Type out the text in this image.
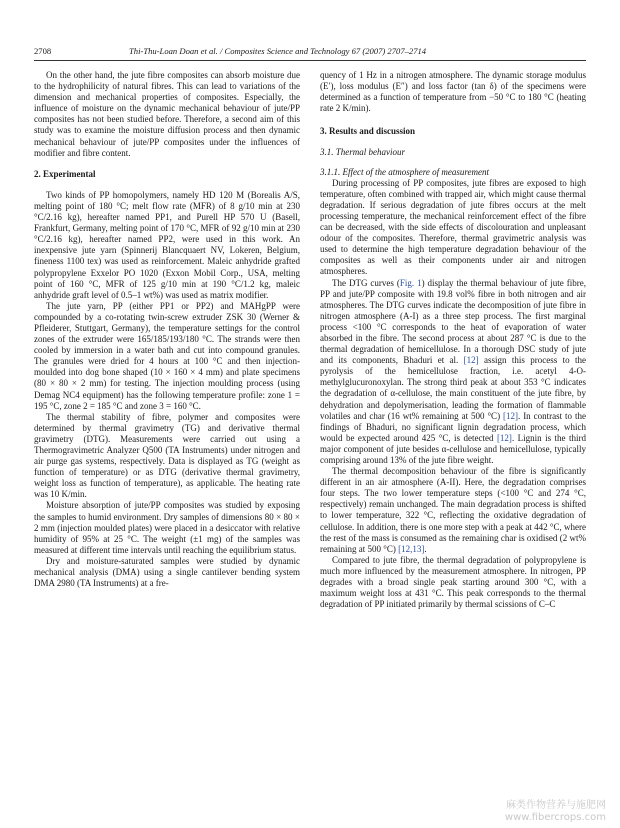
2708	Thi-Thu-Loan Doan et al. / Composites Science and Technology 67 (2007) 2707–2714

On the other hand, the jute fibre composites can absorb moisture due to the hydrophilicity of natural fibres. This can lead to variations of the dimension and mechanical properties of composites. Especially, the influence of moisture on the dynamic mechanical behaviour of jute/PP composites has not been studied before. Therefore, a second aim of this study was to examine the moisture diffusion process and then dynamic mechanical behaviour of jute/PP composites under the influences of modifier and fibre content.

2. Experimental

Two kinds of PP homopolymers, namely HD 120 M (Borealis A/S, melting point of 180 °C; melt flow rate (MFR) of 8 g/10 min at 230 °C/2.16 kg), hereafter named PP1, and Purell HP 570 U (Basell, Frankfurt, Germany, melting point of 170 °C, MFR of 92 g/10 min at 230 °C/2.16 kg), hereafter named PP2, were used in this work. An inexpensive jute yarn (Spinnerij Blancquaert NV, Lokeren, Belgium, fineness 1100 tex) was used as reinforcement. Maleic anhydride grafted polypropylene Exxelor PO 1020 (Exxon Mobil Corp., USA, melting point of 160 °C, MFR of 125 g/10 min at 190 °C/1.2 kg, maleic anhydride graft level of 0.5–1 wt%) was used as matrix modifier.

The jute yarn, PP (either PP1 or PP2) and MAHgPP were compounded by a co-rotating twin-screw extruder ZSK 30 (Werner & Pfleiderer, Stuttgart, Germany), the temperature settings for the control zones of the extruder were 165/185/193/180 °C. The strands were then cooled by immersion in a water bath and cut into compound granules. The granules were dried for 4 hours at 100 °C and then injection-moulded into dog bone shaped (10 × 160 × 4 mm) and plate specimens (80 × 80 × 2 mm) for testing. The injection moulding process (using Demag NC4 equipment) has the following temperature profile: zone 1 = 195 °C, zone 2 = 185 °C and zone 3 = 160 °C.

The thermal stability of fibre, polymer and composites were determined by thermal gravimetry (TG) and derivative thermal gravimetry (DTG). Measurements were carried out using a Thermogravimetric Analyzer Q500 (TA Instruments) under nitrogen and air purge gas systems, respectively. Data is displayed as TG (weight as function of temperature) or as DTG (derivative thermal gravimetry, weight loss as function of temperature), as applicable. The heating rate was 10 K/min.

Moisture absorption of jute/PP composites was studied by exposing the samples to humid environment. Dry samples of dimensions 80 × 80 × 2 mm (injection moulded plates) were placed in a desiccator with relative humidity of 95% at 25 °C. The weight (±1 mg) of the samples was measured at different time intervals until reaching the equilibrium status.

Dry and moisture-saturated samples were studied by dynamic mechanical analysis (DMA) using a single cantilever bending system DMA 2980 (TA Instruments) at a fre-

quency of 1 Hz in a nitrogen atmosphere. The dynamic storage modulus (E′), loss modulus (E″) and loss factor (tan δ) of the specimens were determined as a function of temperature from −50 °C to 180 °C (heating rate 2 K/min).

3. Results and discussion
3.1. Thermal behaviour
3.1.1. Effect of the atmosphere of measurement

During processing of PP composites, jute fibres are exposed to high temperature, often combined with trapped air, which might cause thermal degradation. If serious degradation of jute fibres occurs at the melt processing temperature, the mechanical reinforcement effect of the fibre can be decreased, with the side effects of discolouration and unpleasant odour of the composites. Therefore, thermal gravimetric analysis was used to determine the high temperature degradation behaviour of the composites as well as their components under air and nitrogen atmospheres.

The DTG curves (Fig. 1) display the thermal behaviour of jute fibre, PP and jute/PP composite with 19.8 vol% fibre in both nitrogen and air atmospheres. The DTG curves indicate the decomposition of jute fibre in nitrogen atmosphere (A-I) as a three step process. The first marginal process <100 °C corresponds to the heat of evaporation of water absorbed in the fibre. The second process at about 287 °C is due to the thermal degradation of hemicellulose. In a thorough DSC study of jute and its components, Bhaduri et al. [12] assign this process to the pyrolysis of the hemicellulose fraction, i.e. acetyl 4-O-methylglucuronoxylan. The strong third peak at about 353 °C indicates the degradation of α-cellulose, the main constituent of the jute fibre, by dehydration and depolymerisation, leading the formation of flammable volatiles and char (16 wt% remaining at 500 °C) [12]. In contrast to the findings of Bhaduri, no significant lignin degradation process, which would be expected around 425 °C, is detected [12]. Lignin is the third major component of jute besides α-cellulose and hemicellulose, typically comprising around 13% of the jute fibre weight.

The thermal decomposition behaviour of the fibre is significantly different in an air atmosphere (A-II). Here, the degradation comprises four steps. The two lower temperature steps (<100 °C and 274 °C, respectively) remain unchanged. The main degradation process is shifted to lower temperature, 322 °C, reflecting the oxidative degradation of cellulose. In addition, there is one more step with a peak at 442 °C, where the rest of the mass is consumed as the remaining char is oxidised (2 wt% remaining at 500 °C) [12,13].

Compared to jute fibre, the thermal degradation of polypropylene is much more influenced by the measurement atmosphere. In nitrogen, PP degrades with a broad single peak starting around 300 °C, with a maximum weight loss at 431 °C. This peak corresponds to the thermal degradation of PP initiated primarily by thermal scissions of C–C

麻类作物营养与施肥网
www.fibercrops.com
